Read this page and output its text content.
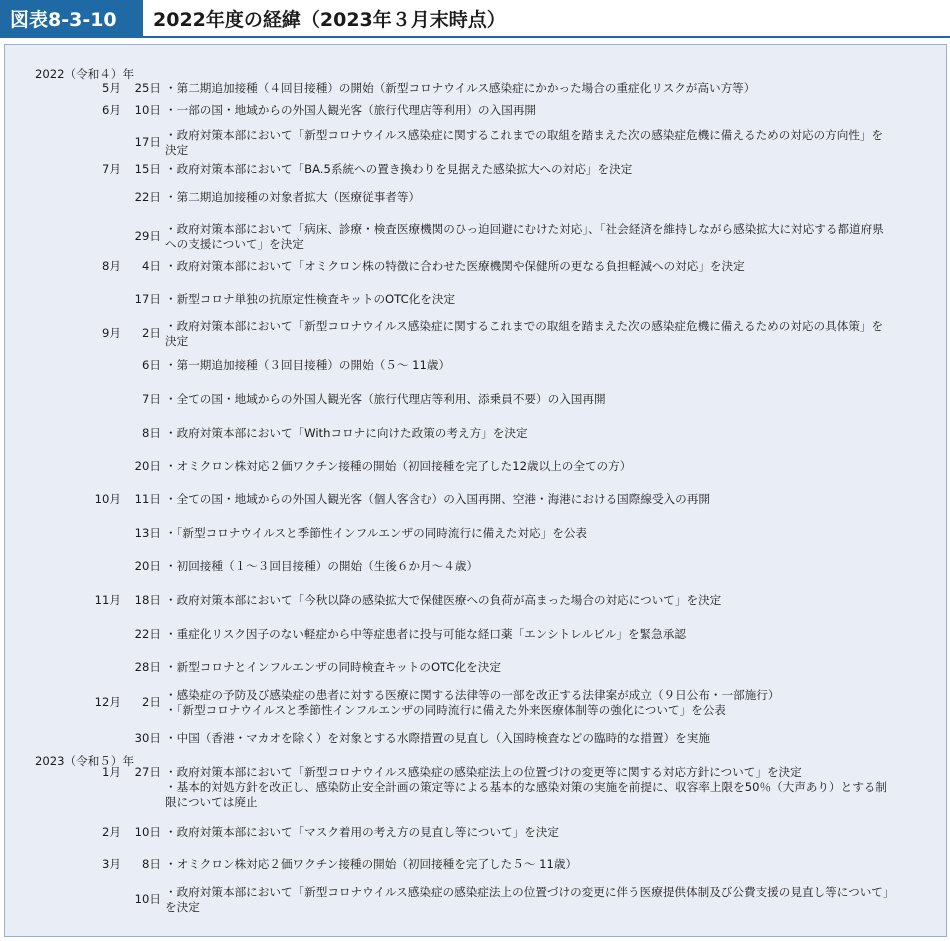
図表8-3-10	2022年度の経緯（2023年３月末時点）
2022（令和４）年
2023（令和５）年
5月	25日 ・第二期追加接種（４回目接種）の開始（新型コロナウイルス感染症にかかった場合の重症化リスクが高い方等）
6月	10日 ・一部の国・地域からの外国人観光客（旅行代理店等利用）の入国再開
17日 ・政府対策本部において「新型コロナウイルス感染症に関するこれまでの取組を踏まえた次の感染症危機に備えるための対応の方向性」を
決定
7月	15日 ・政府対策本部において「BA.5系統への置き換わりを見据えた感染拡大への対応」を決定
22日 ・第二期追加接種の対象者拡大（医療従事者等）
29日 ・政府対策本部において「病床、診療・検査医療機関のひっ迫回避にむけた対応」、「社会経済を維持しながら感染拡大に対応する都道府県
への支援について」を決定
8月	4日 ・政府対策本部において「オミクロン株の特徴に合わせた医療機関や保健所の更なる負担軽減への対応」を決定
17日 ・新型コロナ単独の抗原定性検査キットのOTC化を決定
9月	2日 ・政府対策本部において「新型コロナウイルス感染症に関するこれまでの取組を踏まえた次の感染症危機に備えるための対応の具体策」を
決定
6日 ・第一期追加接種（３回目接種）の開始（５～ 11歳）
7日 ・全ての国・地域からの外国人観光客（旅行代理店等利用、添乗員不要）の入国再開
8日 ・政府対策本部において「Withコロナに向けた政策の考え方」を決定
20日 ・オミクロン株対応２価ワクチン接種の開始（初回接種を完了した12歳以上の全ての方）
10月	11日 ・全ての国・地域からの外国人観光客（個人客含む）の入国再開、空港・海港における国際線受入の再開
13日 ・「新型コロナウイルスと季節性インフルエンザの同時流行に備えた対応」を公表
20日 ・初回接種（１～３回目接種）の開始（生後６か月～４歳）
11月	18日 ・政府対策本部において「今秋以降の感染拡大で保健医療への負荷が高まった場合の対応について」を決定
22日 ・重症化リスク因子のない軽症から中等症患者に投与可能な経口薬「エンシトレルビル」を緊急承認
28日 ・新型コロナとインフルエンザの同時検査キットのOTC化を決定
12月	2日 ・感染症の予防及び感染症の患者に対する医療に関する法律等の一部を改正する法律案が成立（９日公布・一部施行）
・「新型コロナウイルスと季節性インフルエンザの同時流行に備えた外来医療体制等の強化について」を公表
30日 ・中国（香港・マカオを除く）を対象とする水際措置の見直し（入国時検査などの臨時的な措置）を実施
1月	27日 ・政府対策本部において「新型コロナウイルス感染症の感染症法上の位置づけの変更等に関する対応方針について」を決定
・基本的対処方針を改正し、感染防止安全計画の策定等による基本的な感染対策の実施を前提に、収容率上限を50％（大声あり）とする制
限については廃止
2月	10日 ・政府対策本部において「マスク着用の考え方の見直し等について」を決定
3月	8日 ・オミクロン株対応２価ワクチン接種の開始（初回接種を完了した５～ 11歳）
10日 ・政府対策本部において「新型コロナウイルス感染症の感染症法上の位置づけの変更に伴う医療提供体制及び公費支援の見直し等について」
を決定
